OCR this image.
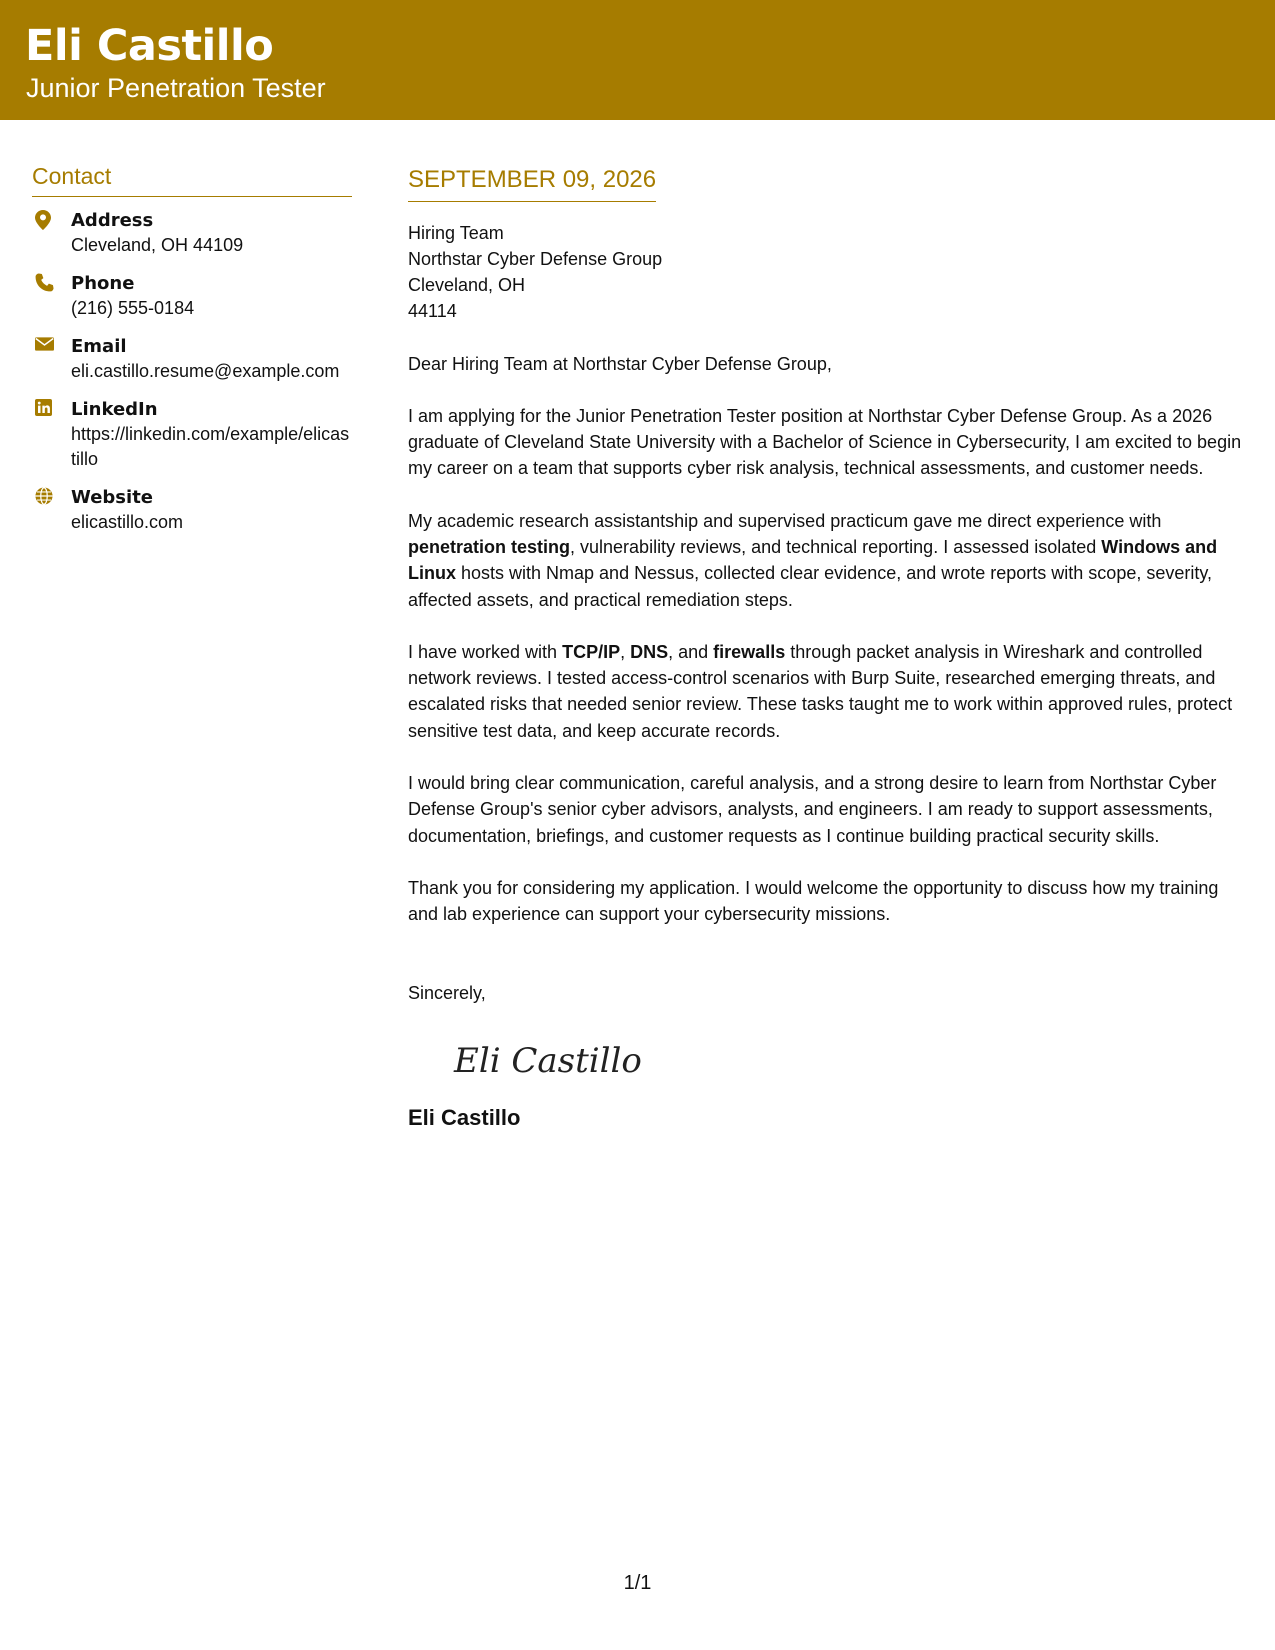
Eli Castillo
Junior Penetration Tester
Contact
Address
Cleveland, OH 44109
Phone
(216) 555-0184
Email
eli.castillo.resume@example.com
LinkedIn
https://linkedin.com/example/elicastillo
Website
elicastillo.com
SEPTEMBER 09, 2026
Hiring Team
Northstar Cyber Defense Group
Cleveland, OH
44114
Dear Hiring Team at Northstar Cyber Defense Group,
I am applying for the Junior Penetration Tester position at Northstar Cyber Defense Group. As a 2026 graduate of Cleveland State University with a Bachelor of Science in Cybersecurity, I am excited to begin my career on a team that supports cyber risk analysis, technical assessments, and customer needs.
My academic research assistantship and supervised practicum gave me direct experience with penetration testing, vulnerability reviews, and technical reporting. I assessed isolated Windows and Linux hosts with Nmap and Nessus, collected clear evidence, and wrote reports with scope, severity, affected assets, and practical remediation steps.
I have worked with TCP/IP, DNS, and firewalls through packet analysis in Wireshark and controlled network reviews. I tested access-control scenarios with Burp Suite, researched emerging threats, and escalated risks that needed senior review. These tasks taught me to work within approved rules, protect sensitive test data, and keep accurate records.
I would bring clear communication, careful analysis, and a strong desire to learn from Northstar Cyber Defense Group's senior cyber advisors, analysts, and engineers. I am ready to support assessments, documentation, briefings, and customer requests as I continue building practical security skills.
Thank you for considering my application. I would welcome the opportunity to discuss how my training and lab experience can support your cybersecurity missions.
Sincerely,
Eli Castillo
Eli Castillo
1/1
